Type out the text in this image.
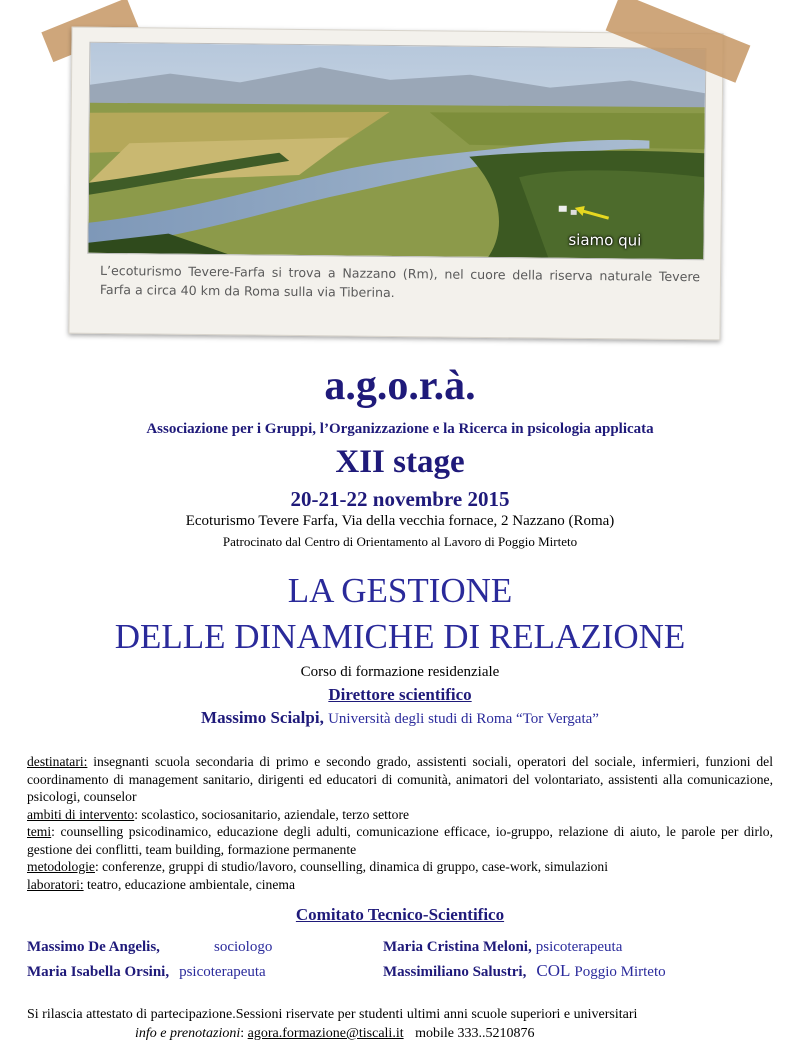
siamo qui
L’ecoturismo Tevere-Farfa si trova a Nazzano (Rm), nel cuore della riserva naturale Tevere Farfa a circa 40 km da Roma sulla via Tiberina.
a.g.o.r.à.
Associazione per i Gruppi, l’Organizzazione e la Ricerca in psicologia applicata
XII stage
20-21-22 novembre 2015
Ecoturismo Tevere Farfa, Via della vecchia fornace, 2 Nazzano (Roma)
Patrocinato dal Centro di Orientamento al Lavoro di Poggio Mirteto
LA GESTIONE
DELLE DINAMICHE DI RELAZIONE
Corso di formazione residenziale
Direttore scientifico
Massimo Scialpi, Università degli studi di Roma “Tor Vergata”

destinatari: insegnanti scuola secondaria di primo e secondo grado, assistenti sociali, operatori del sociale, infermieri, funzioni del coordinamento di management sanitario, dirigenti ed educatori di comunità, animatori del volontariato, assistenti alla comunicazione, psicologi, counselor

ambiti di intervento: scolastico, sociosanitario, aziendale, terzo settore

temi: counselling psicodinamico, educazione degli adulti, comunicazione efficace, io-gruppo, relazione di aiuto, le parole per dirlo, gestione dei conflitti, team building, formazione permanente

metodologie: conferenze, gruppi di studio/lavoro, counselling, dinamica di gruppo, case-work, simulazioni

laboratori: teatro, educazione ambientale, cinema

Comitato Tecnico-Scientifico
Massimo De Angelis,	sociologo	Maria Cristina Meloni, psicoterapeuta
Maria Isabella Orsini, psicoterapeuta	Massimiliano Salustri, COL Poggio Mirteto
Si rilascia attestato di partecipazione.Sessioni riservate per studenti ultimi anni scuole superiori e universitari
info e prenotazioni: agora.formazione@tiscali.it mobile 333..5210876
